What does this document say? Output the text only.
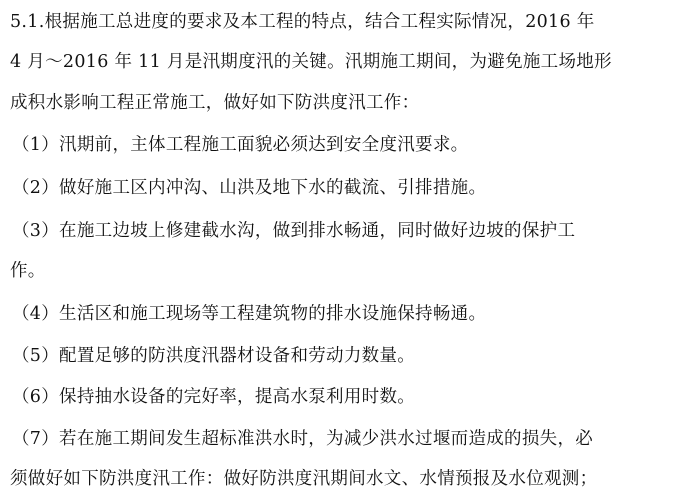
5.1.根据施工总进度的要求及本工程的特点，结合工程实际情况，2016 年
4 月～2016 年 11 月是汛期度汛的关键。汛期施工期间，为避免施工场地形
成积水影响工程正常施工，做好如下防洪度汛工作：
（1）汛期前，主体工程施工面貌必须达到安全度汛要求。
（2）做好施工区内冲沟、山洪及地下水的截流、引排措施。
（3）在施工边坡上修建截水沟，做到排水畅通，同时做好边坡的保护工
作。
（4）生活区和施工现场等工程建筑物的排水设施保持畅通。
（5）配置足够的防洪度汛器材设备和劳动力数量。
（6）保持抽水设备的完好率，提高水泵利用时数。
（7）若在施工期间发生超标准洪水时，为减少洪水过堰而造成的损失，必
须做好如下防洪度汛工作：做好防洪度汛期间水文、水情预报及水位观测；
